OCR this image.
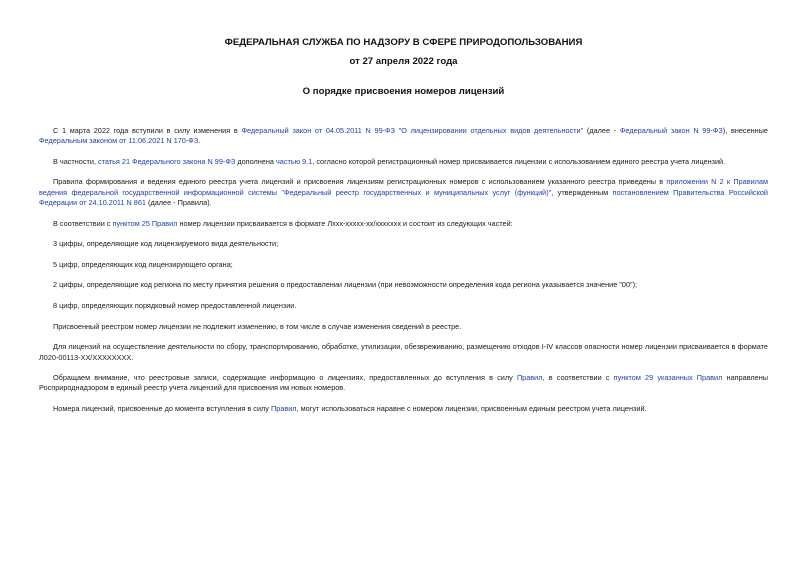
ФЕДЕРАЛЬНАЯ СЛУЖБА ПО НАДЗОРУ В СФЕРЕ ПРИРОДОПОЛЬЗОВАНИЯ
от 27 апреля 2022 года
О порядке присвоения номеров лицензий

С 1 марта 2022 года вступили в силу изменения в Федеральный закон от 04.05.2011 N 99-ФЗ "О лицензировании отдельных видов деятельности" (далее - Федеральный закон N 99-ФЗ), внесенные Федеральным законом от 11.06.2021 N 170-ФЗ.

В частности, статья 21 Федерального закона N 99-ФЗ дополнена частью 9.1, согласно которой регистрационный номер присваивается лицензии с использованием единого реестра учета лицензий.

Правила формирования и ведения единого реестра учета лицензий и присвоения лицензиям регистрационных номеров с использованием указанного реестра приведены в приложении N 2 к Правилам ведения федеральной государственной информационной системы "Федеральный реестр государственных и муниципальных услуг (функций)", утвержденным постановлением Правительства Российской Федерации от 24.10.2011 N 861 (далее - Правила).

В соответствии с пунктом 25 Правил номер лицензии присваивается в формате Лххх-ххххх-хх/ххххххх и состоит из следующих частей:

3 цифры, определяющие код лицензируемого вида деятельности;

5 цифр, определяющих код лицензирующего органа;

2 цифры, определяющие код региона по месту принятия решения о предоставлении лицензии (при невозможности определения кода региона указывается значение "00");

8 цифр, определяющих порядковый номер предоставленной лицензии.

Присвоенный реестром номер лицензии не подлежит изменению, в том числе в случае изменения сведений в реестре.

Для лицензий на осуществление деятельности по сбору, транспортированию, обработке, утилизации, обезвреживанию, размещению отходов I-IV классов опасности номер лицензии присваивается в формате Л020-00113-XX/XXXXXXXX.

Обращаем внимание, что реестровые записи, содержащие информацию о лицензиях, предоставленных до вступления в силу Правил, в соответствии с пунктом 29 указанных Правил направлены Росприроднадзором в единый реестр учета лицензий для присвоения им новых номеров.

Номера лицензий, присвоенные до момента вступления в силу Правил, могут использоваться наравне с номером лицензии, присвоенным единым реестром учета лицензий.
